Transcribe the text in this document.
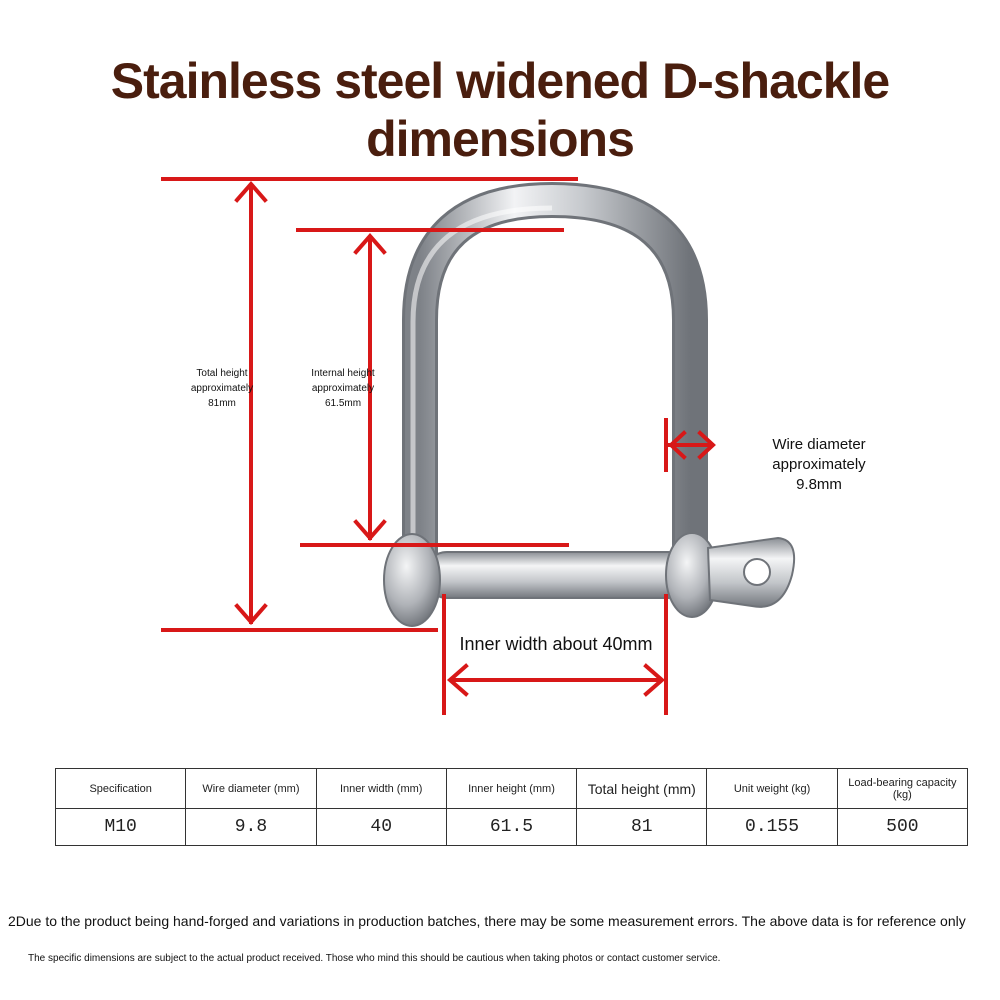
Stainless steel widened D-shackle dimensions
Total height
approximately
81mm
Internal height
approximately
61.5mm
Wire diameter approximately
9.8mm
Inner width about 40mm
Specification	Wire diameter (mm)	Inner width (mm)	Inner height (mm)	Total height (mm)	Unit weight (kg)	Load-bearing capacity (kg)
M10	9.8	40	61.5	81	0.155	500
2Due to the product being hand-forged and variations in production batches, there may be some measurement errors. The above data is for reference only
The specific dimensions are subject to the actual product received. Those who mind this should be cautious when taking photos or contact customer service.
